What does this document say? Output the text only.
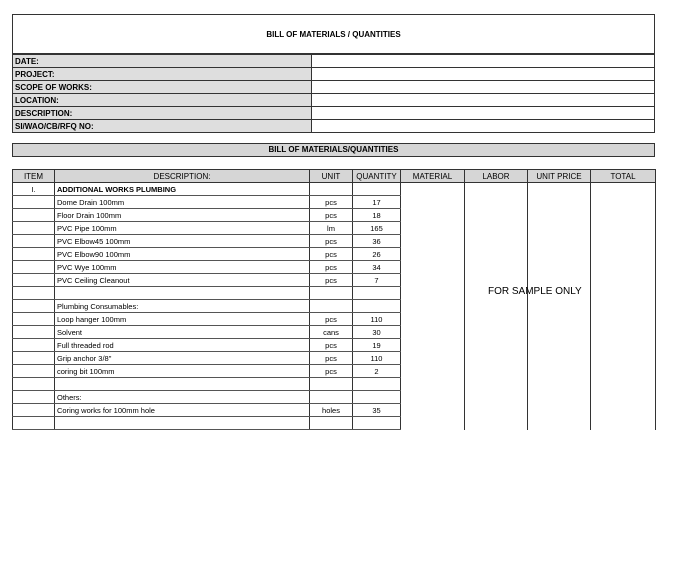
BILL OF MATERIALS / QUANTITIES
DATE:	
PROJECT:	
SCOPE OF WORKS:	
LOCATION:	
DESCRIPTION:	
SI/WAO/CB/RFQ NO:	
BILL OF MATERIALS/QUANTITIES
ITEM	DESCRIPTION:	UNIT	QUANTITY	MATERIAL	LABOR	UNIT PRICE	TOTAL
I.	ADDITIONAL WORKS PLUMBING						
	Dome Drain 100mm	pcs	17				
	Floor Drain 100mm	pcs	18				
	PVC Pipe 100mm	lm	165				
	PVC Elbow45 100mm	pcs	36				
	PVC Elbow90 100mm	pcs	26				
	PVC Wye 100mm	pcs	34				
	PVC Ceiling Cleanout	pcs	7				

	Plumbing Consumables:						
	Loop hanger 100mm	pcs	110				
	Solvent	cans	30				
	Full threaded rod	pcs	19				
	Grip anchor 3/8"	pcs	110				
	coring bit 100mm	pcs	2				

	Others:						
	Coring works for 100mm hole	holes	35				

FOR SAMPLE ONLY
